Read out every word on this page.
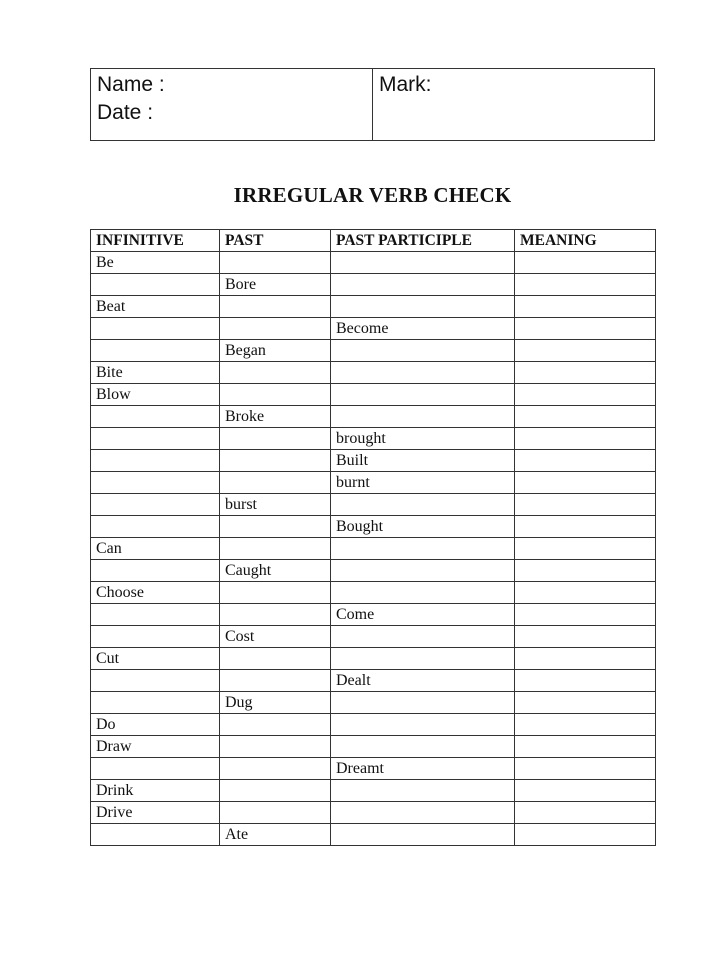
Name :
Date :
Mark:
IRREGULAR VERB CHECK
INFINITIVE	PAST	PAST PARTICIPLE	MEANING
Be			
	Bore		
Beat			
		Become	
	Began		
Bite			
Blow			
	Broke		
		brought	
		Built	
		burnt	
	burst		
		Bought	
Can			
	Caught		
Choose			
		Come	
	Cost		
Cut			
		Dealt	
	Dug		
Do			
Draw			
		Dreamt	
Drink			
Drive			
	Ate		
